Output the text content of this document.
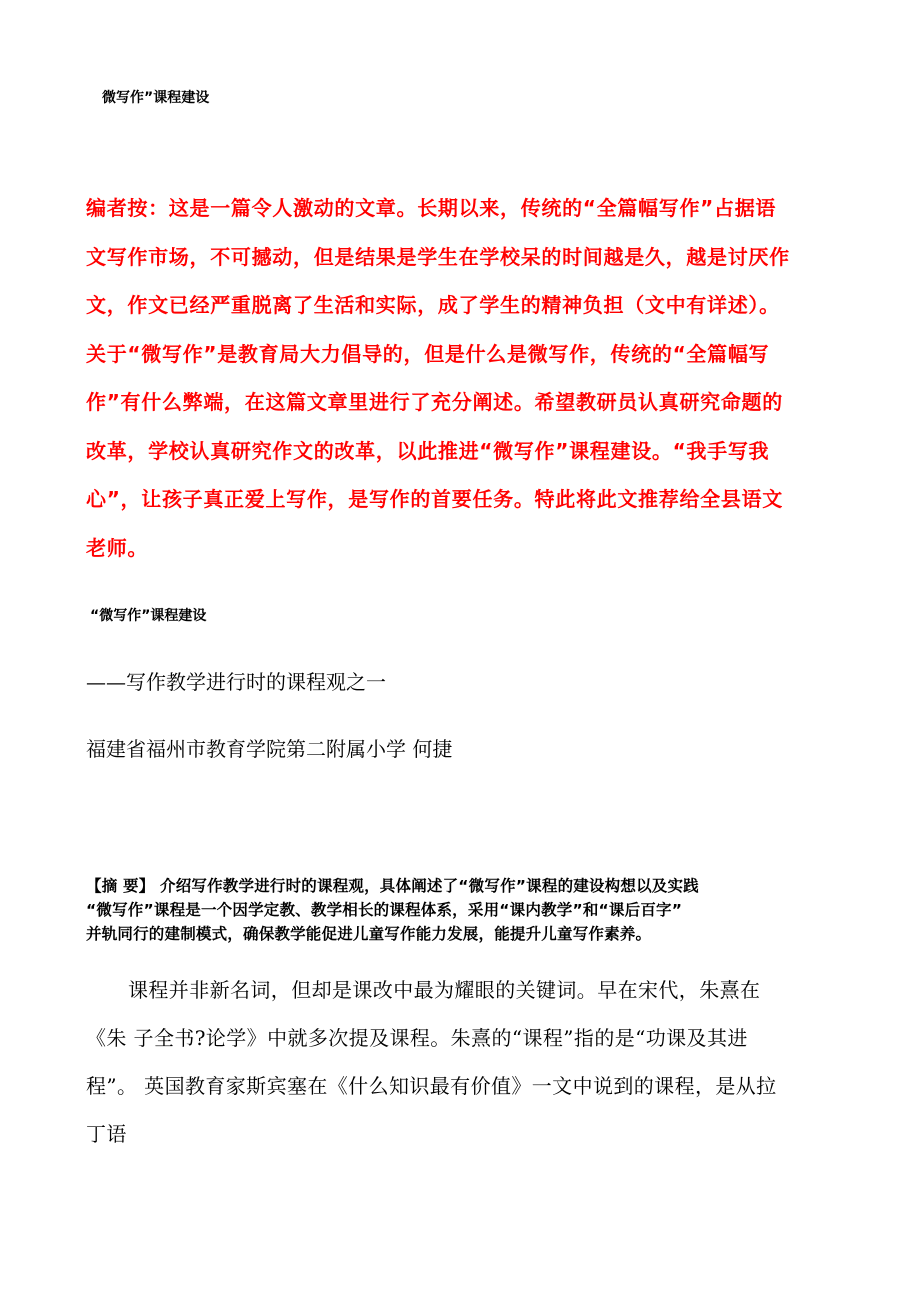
微写作”课程建设
编者按：这是一篇令人激动的文章。长期以来，传统的“全篇幅写作”占据语
文写作市场，不可撼动，但是结果是学生在学校呆的时间越是久，越是讨厌作
文，作文已经严重脱离了生活和实际，成了学生的精神负担（文中有详述）。
关于“微写作”是教育局大力倡导的，但是什么是微写作，传统的“全篇幅写
作”有什么弊端，在这篇文章里进行了充分阐述。希望教研员认真研究命题的
改革，学校认真研究作文的改革，以此推进“微写作”课程建设。“我手写我
心”，让孩子真正爱上写作，是写作的首要任务。特此将此文推荐给全县语文
老师。
“微写作”课程建设
——写作教学进行时的课程观之一
福建省福州市教育学院第二附属小学 何捷
【摘 要】 介绍写作教学进行时的课程观，具体阐述了“微写作”课程的建设构想以及实践
“微写作”课程是一个因学定教、教学相长的课程体系，采用“课内教学”和“课后百字”
并轨同行的建制模式，确保教学能促进儿童写作能力发展，能提升儿童写作素养。
课程并非新名词，但却是课改中最为耀眼的关键词。早在宋代，朱熹在
《朱 子全书?论学》中就多次提及课程。朱熹的“课程”指的是“功课及其进
程”。 英国教育家斯宾塞在《什么知识最有价值》一文中说到的课程，是从拉
丁语
